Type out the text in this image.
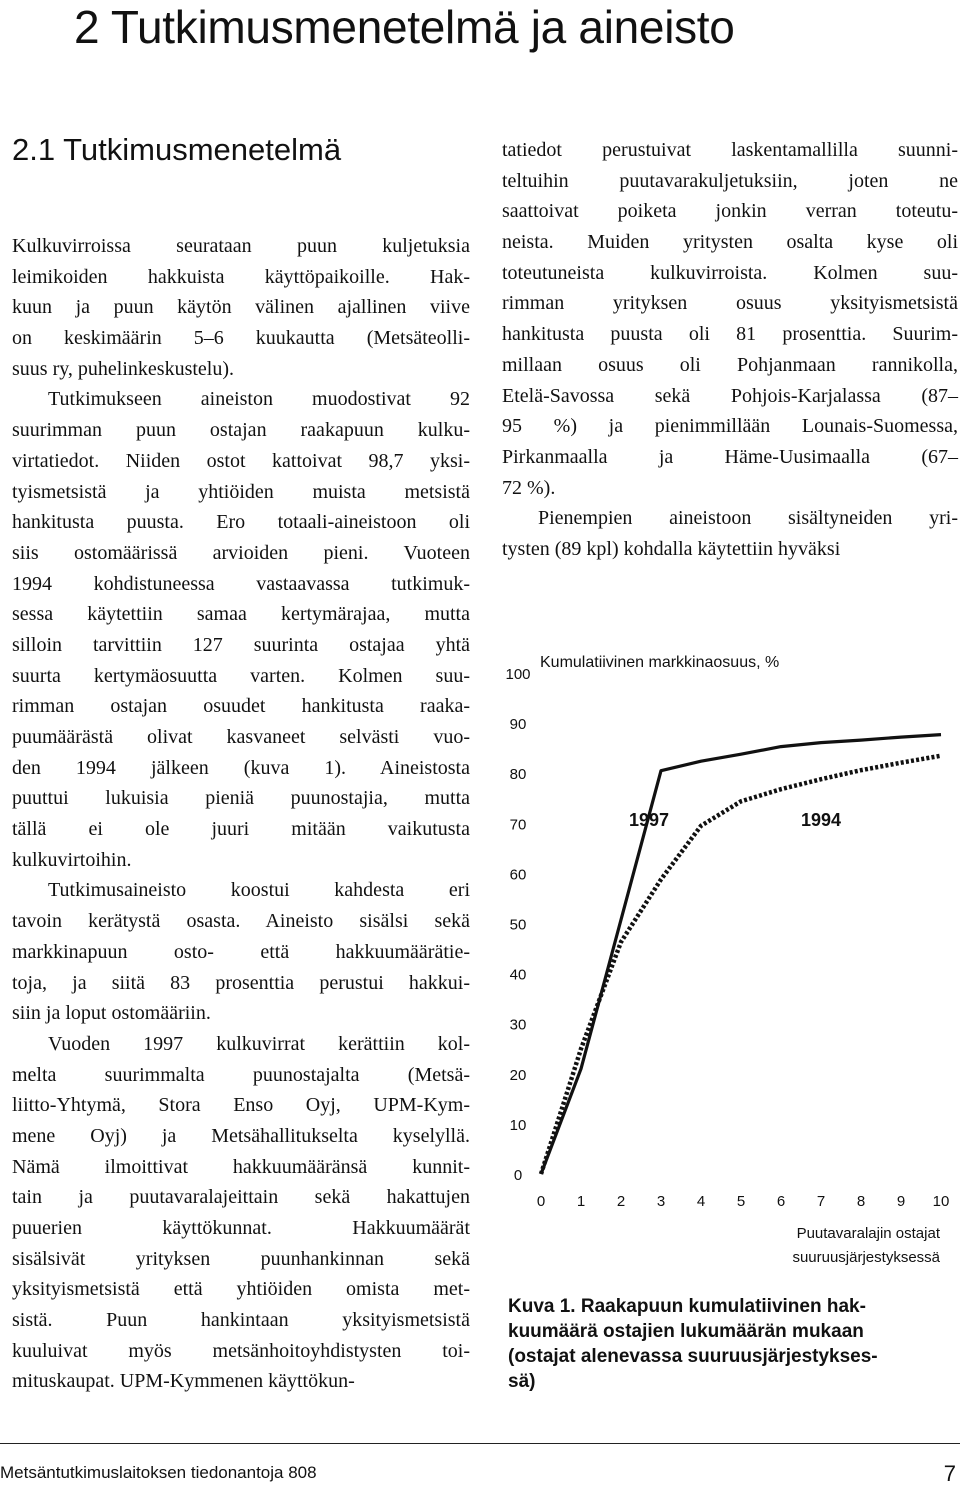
2 Tutkimusmenetelmä ja aineisto
2.1 Tutkimusmenetelmä
Kulkuvirroissa seurataan puun kuljetuksia
leimikoiden hakkuista käyttöpaikoille. Hak-
kuun ja puun käytön välinen ajallinen viive
on keskimäärin 5–6 kuukautta (Metsäteolli-
suus ry, puhelinkeskustelu).
Tutkimukseen aineiston muodostivat 92
suurimman puun ostajan raakapuun kulku-
virtatiedot. Niiden ostot kattoivat 98,7 yksi-
tyismetsistä ja yhtiöiden muista metsistä
hankitusta puusta. Ero totaali-aineistoon oli
siis ostomäärissä arvioiden pieni. Vuoteen
1994 kohdistuneessa vastaavassa tutkimuk-
sessa käytettiin samaa kertymärajaa, mutta
silloin tarvittiin 127 suurinta ostajaa yhtä
suurta kertymäosuutta varten. Kolmen suu-
rimman ostajan osuudet hankitusta raaka-
puumäärästä olivat kasvaneet selvästi vuo-
den 1994 jälkeen (kuva 1). Aineistosta
puuttui lukuisia pieniä puunostajia, mutta
tällä ei ole juuri mitään vaikutusta
kulkuvirtoihin.
Tutkimusaineisto koostui kahdesta eri
tavoin kerätystä osasta. Aineisto sisälsi sekä
markkinapuun osto- että hakkuumäärätie-
toja, ja siitä 83 prosenttia perustui hakkui-
siin ja loput ostomääriin.
Vuoden 1997 kulkuvirrat kerättiin kol-
melta suurimmalta puunostajalta (Metsä-
liitto-Yhtymä, Stora Enso Oyj, UPM-Kym-
mene Oyj) ja Metsähallitukselta kyselyllä.
Nämä ilmoittivat hakkuumääränsä kunnit-
tain ja puutavaralajeittain sekä hakattujen
puuerien käyttökunnat. Hakkuumäärät
sisälsivät yrityksen puunhankinnan sekä
yksityismetsistä että yhtiöiden omista met-
sistä. Puun hankintaan yksityismetsistä
kuuluivat myös metsänhoitoyhdistysten toi-
mituskaupat. UPM-Kymmenen käyttökun-
tatiedot perustuivat laskentamallilla suunni-
teltuihin puutavarakuljetuksiin, joten ne
saattoivat poiketa jonkin verran toteutu-
neista. Muiden yritysten osalta kyse oli
toteutuneista kulkuvirroista. Kolmen suu-
rimman yrityksen osuus yksityismetsistä
hankitusta puusta oli 81 prosenttia. Suurim-
millaan osuus oli Pohjanmaan rannikolla,
Etelä-Savossa sekä Pohjois-Karjalassa (87–
95 %) ja pienimmillään Lounais-Suomessa,
Pirkanmaalla ja Häme-Uusimaalla (67–
72 %).
Pienempien aineistoon sisältyneiden yri-
tysten (89 kpl) kohdalla käytettiin hyväksi
Kumulatiivinen markkinaosuus, %
0
10
20
30
40
50
60
70
80
90
100
0 1 2 3 4 5 6 7 8 9 10
Puutavaralajin ostajat
suuruusjärjestyksessä
1997	1994
Kuva 1. Raakapuun kumulatiivinen hak-
kuumäärä ostajien lukumäärän mukaan
(ostajat alenevassa suuruusjärjestykses-
sä)
Metsäntutkimuslaitoksen tiedonantoja 808	7
